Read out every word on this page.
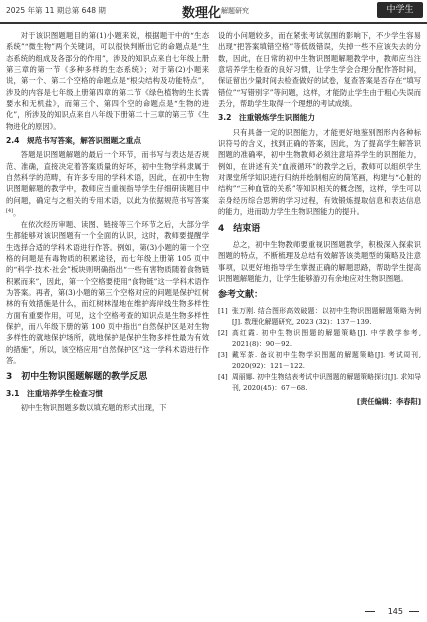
2025 年第 11 期总第 648 期	数理化 解题研究	中学生

对于该识图题题目的第(1)小题来说，根据题干中的“生态系统”“微生物”两个关键词，可以很快判断出它的命题点是“生态系统的组成及各部分的作用”，涉及的知识点来自七年级上册第三章的第一节《多种多样的生态系统》；对于第(2)小题来说，第一个、第二个空格的命题点是“根尖结构及功能特点”，涉及的内容是七年级上册第四章的第二节《绿色植物的生长需要水和无机盐》，而第三个、第四个空的命题点是“生物的进化”，所涉及的知识点来自八年级下册第二十三章的第三节《生物进化的原因》。

2.4　规范书写答案，解答识图题之重点

答题是识图题解题的最后一个环节，而书写与表达是否规范、准确，直接决定着答案质量的好坏，初中生物学科隶属于自然科学的范畴，有许多专用的学科术语，因此，在初中生物识图题解题的教学中，教师应当重视指导学生仔细研读题目中的问题，确定与之相关的专用术语，以此为依据规范书写答案[4]。

在依次经历审题、读图、链接等三个环节之后，大部分学生都能够对该识图题有一个全面的认识，这时，教师要提醒学生选择合适的学科术语进行作答。例如，第(3)小题的第一个空格的问题是有毒物质的积累途径，而七年级上册第 105 页中的“科学·技术·社会”板块则明确指出“一些有害物质随着食物链积累而来”，因此，第一个空格要使用“食物链”这一学科术语作为答案。再者，第(3)小题的第三个空格对应的问题是保护红树林的有效措施是什么，而红树林湿地在维护海岸线生物多样性方面有重要作用，可见，这个空格考查的知识点是生物多样性保护，而八年级下册的第 100 页中指出“自然保护区是对生物多样性的就地保护场所，就地保护是保护生物多样性最为有效的措施”，所以，该空格应用“自然保护区”这一学科术语进行作答。

3　初中生物识图题解题的教学反思
3.1　注重培养学生检查习惯

初中生物识图题多数以填充题的形式出现，下

设的小问题较多，而在紧张考试氛围的影响下，不少学生容易出现“把答案填错空格”等低级错误，失掉一些不应该失去的分数，因此，在日常的初中生物识图题解题教学中，教师应当注意培养学生检查的良好习惯，让学生学会合理分配作答时间，保证留出少量时间去检查做好的试卷，复查答案是否存在“填写错位”“写错别字”等问题，这样，才能防止学生由于粗心失误而丢分，帮助学生取得一个理想的考试成绩。

3.2　注重锻炼学生识图能力

只有具备一定的识图能力，才能更好地鉴别图形内各种标识符号的含义，找到正确的答案，因此，为了提高学生解答识图题的准确率，初中生物教师必须注意培养学生的识图能力，例如，在讲述有关“血液循环”的教学之后，教师可以组织学生对课堂所学知识进行归纳并绘制相应的简笔画，构建与“心脏的结构”“三种血管的关系”等知识相关的概念图，这样，学生可以亲身经历综合思辨的学习过程，有效锻炼提取信息和表达信息的能力，进而助力学生生物识图能力的提升。

4　结束语

总之，初中生物教师要重视识图题教学，积极深入探索识图题的特点，不断梳理及总结有效解答该类题型的策略及注意事项，以更好地指导学生掌握正确的解题思路，帮助学生提高识图题解题能力，让学生能够游刃有余地应对生物识图题。

参考文献：
[1] 张万刚. 结合图形高效破题：以初中生物识图题解题策略为例[J]. 数理化解题研究, 2023 (32)：137－139.
[2] 高红霞. 初中生物识图题的解题策略[J]. 中学教学参考, 2021(8)：90－92.
[3] 戴军茶. 备议初中生物学识图题的解题策略[J]. 考试周刊, 2020(92)：121－122.
[4] 周丽娜. 初中生物结表考试中识图题的解题策略探讨[J]. 求知导刊, 2020(45)：67－68.
[责任编辑：李春阳]
145
